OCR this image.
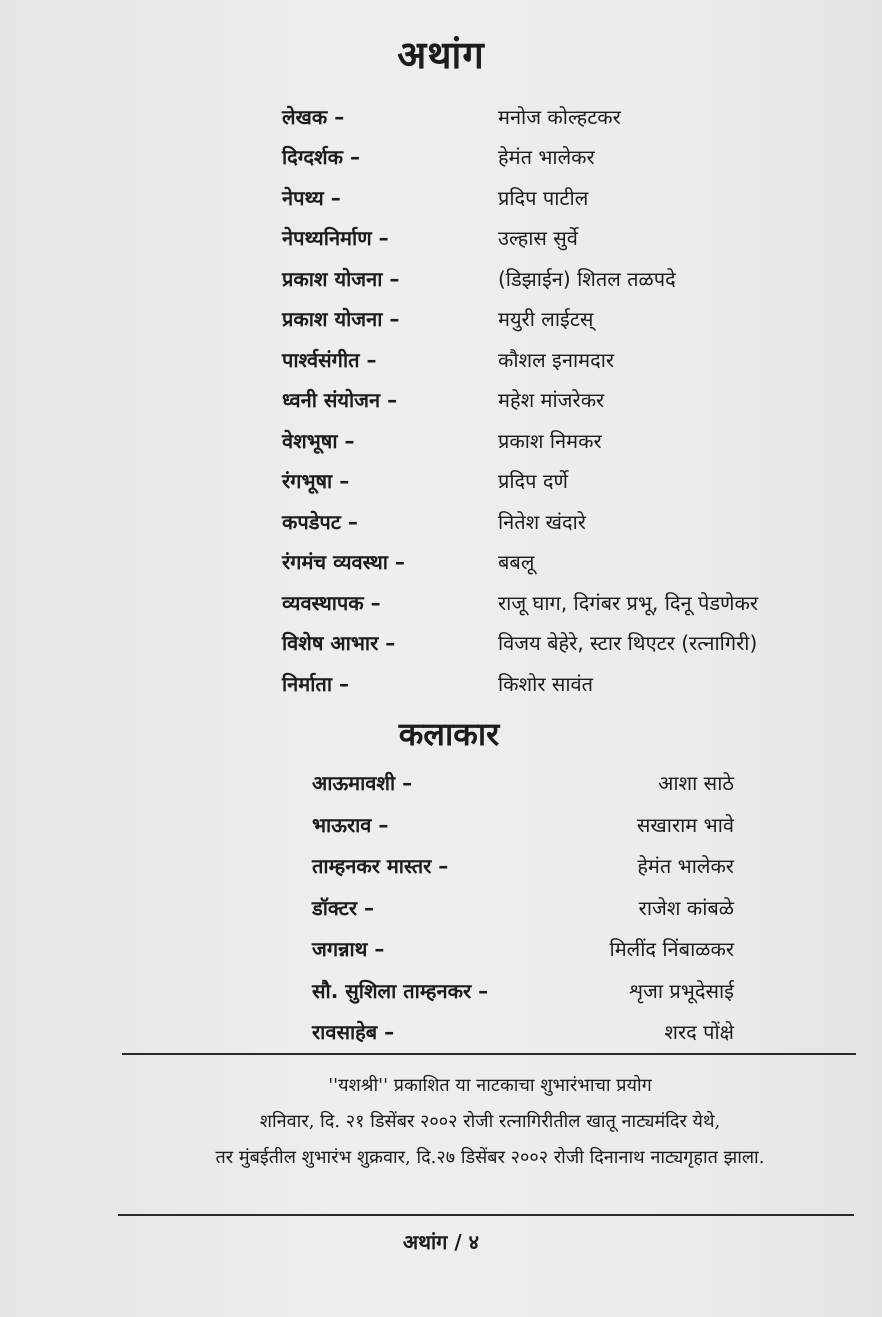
अथांग
लेखक –	मनोज कोल्हटकर
दिग्दर्शक –	हेमंत भालेकर
नेपथ्य –	प्रदिप पाटील
नेपथ्यनिर्माण –	उल्हास सुर्वे
प्रकाश योजना –	(डिझाईन) शितल तळपदे
प्रकाश योजना –	मयुरी लाईटस्
पार्श्वसंगीत –	कौशल इनामदार
ध्वनी संयोजन –	महेश मांजरेकर
वेशभूषा –	प्रकाश निमकर
रंगभूषा –	प्रदिप दर्णे
कपडेपट –	नितेश खंदारे
रंगमंच व्यवस्था –	बबलू
व्यवस्थापक –	राजू घाग, दिगंबर प्रभू, दिनू पेडणेकर
विशेष आभार –	विजय बेहेरे, स्टार थिएटर (रत्नागिरी)
निर्माता –	किशोर सावंत
कलाकार
आऊमावशी –	आशा साठे
भाऊराव –	सखाराम भावे
ताम्हनकर मास्तर –	हेमंत भालेकर
डॉक्टर –	राजेश कांबळे
जगन्नाथ –	मिलींद निंबाळकर
सौ. सुशिला ताम्हनकर –	शृजा प्रभूदेसाई
रावसाहेब –	शरद पोंक्षे
''यशश्री'' प्रकाशित या नाटकाचा शुभारंभाचा प्रयोग
शनिवार, दि. २१ डिसेंबर २००२ रोजी रत्नागिरीतील खातू नाट्यमंदिर येथे,
तर मुंबईतील शुभारंभ शुक्रवार, दि.२७ डिसेंबर २००२ रोजी दिनानाथ नाट्यगृहात झाला.
अथांग / ४
